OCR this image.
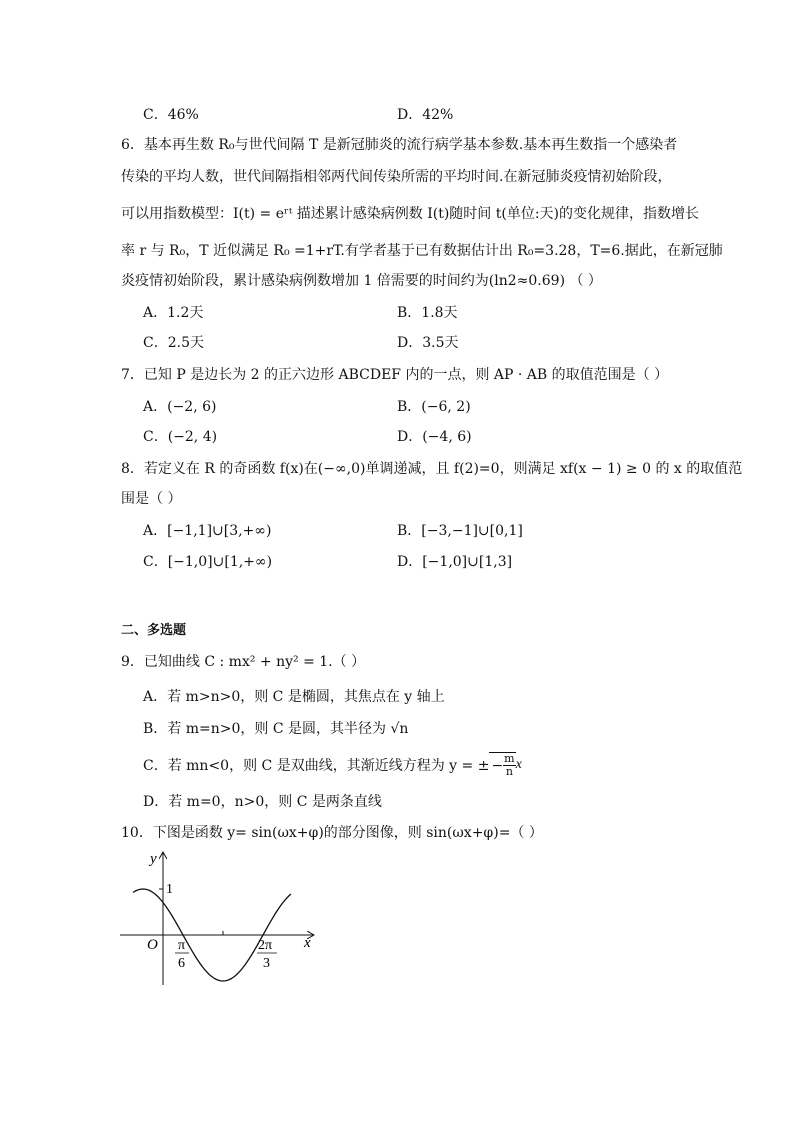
C．46%	D．42%
6．基本再生数 R₀与世代间隔 T 是新冠肺炎的流行病学基本参数.基本再生数指一个感染者
传染的平均人数，世代间隔指相邻两代间传染所需的平均时间.在新冠肺炎疫情初始阶段，
可以用指数模型：I(t) = eʳᵗ 描述累计感染病例数 I(t)随时间 t(单位:天)的变化规律，指数增长
率 r 与 R₀，T 近似满足 R₀ =1+rT.有学者基于已有数据估计出 R₀=3.28，T=6.据此，在新冠肺
炎疫情初始阶段，累计感染病例数增加 1 倍需要的时间约为(ln2≈0.69) （ ）
A．1.2天	B．1.8天
C．2.5天	D．3.5天
7．已知 P 是边长为 2 的正六边形 ABCDEF 内的一点，则 AP · AB 的取值范围是（ ）
A．(−2, 6)	B．(−6, 2)
C．(−2, 4)	D．(−4, 6)
8．若定义在 R 的奇函数 f(x)在(−∞,0)单调递减，且 f(2)=0，则满足 xf(x − 1) ≥ 0 的 x 的取值范
围是（ ）
A．[−1,1]∪[3,+∞)	B．[−3,−1]∪[0,1]
C．[−1,0]∪[1,+∞)	D．[−1,0]∪[1,3]
二、多选题
9．已知曲线 C : mx² + ny² = 1.（ ）
A．若 m>n>0，则 C 是椭圆，其焦点在 y 轴上
B．若 m=n>0，则 C 是圆，其半径为 √n
C．若 mn<0，则 C 是双曲线，其渐近线方程为 y = ± − $\frac{m}{n}$ x
D．若 m=0，n>0，则 C 是两条直线
10．下图是函数 y= sin(ωx+φ)的部分图像，则 sin(ωx+φ)=（ ）
y
x
O
1
π
6
2π
3
